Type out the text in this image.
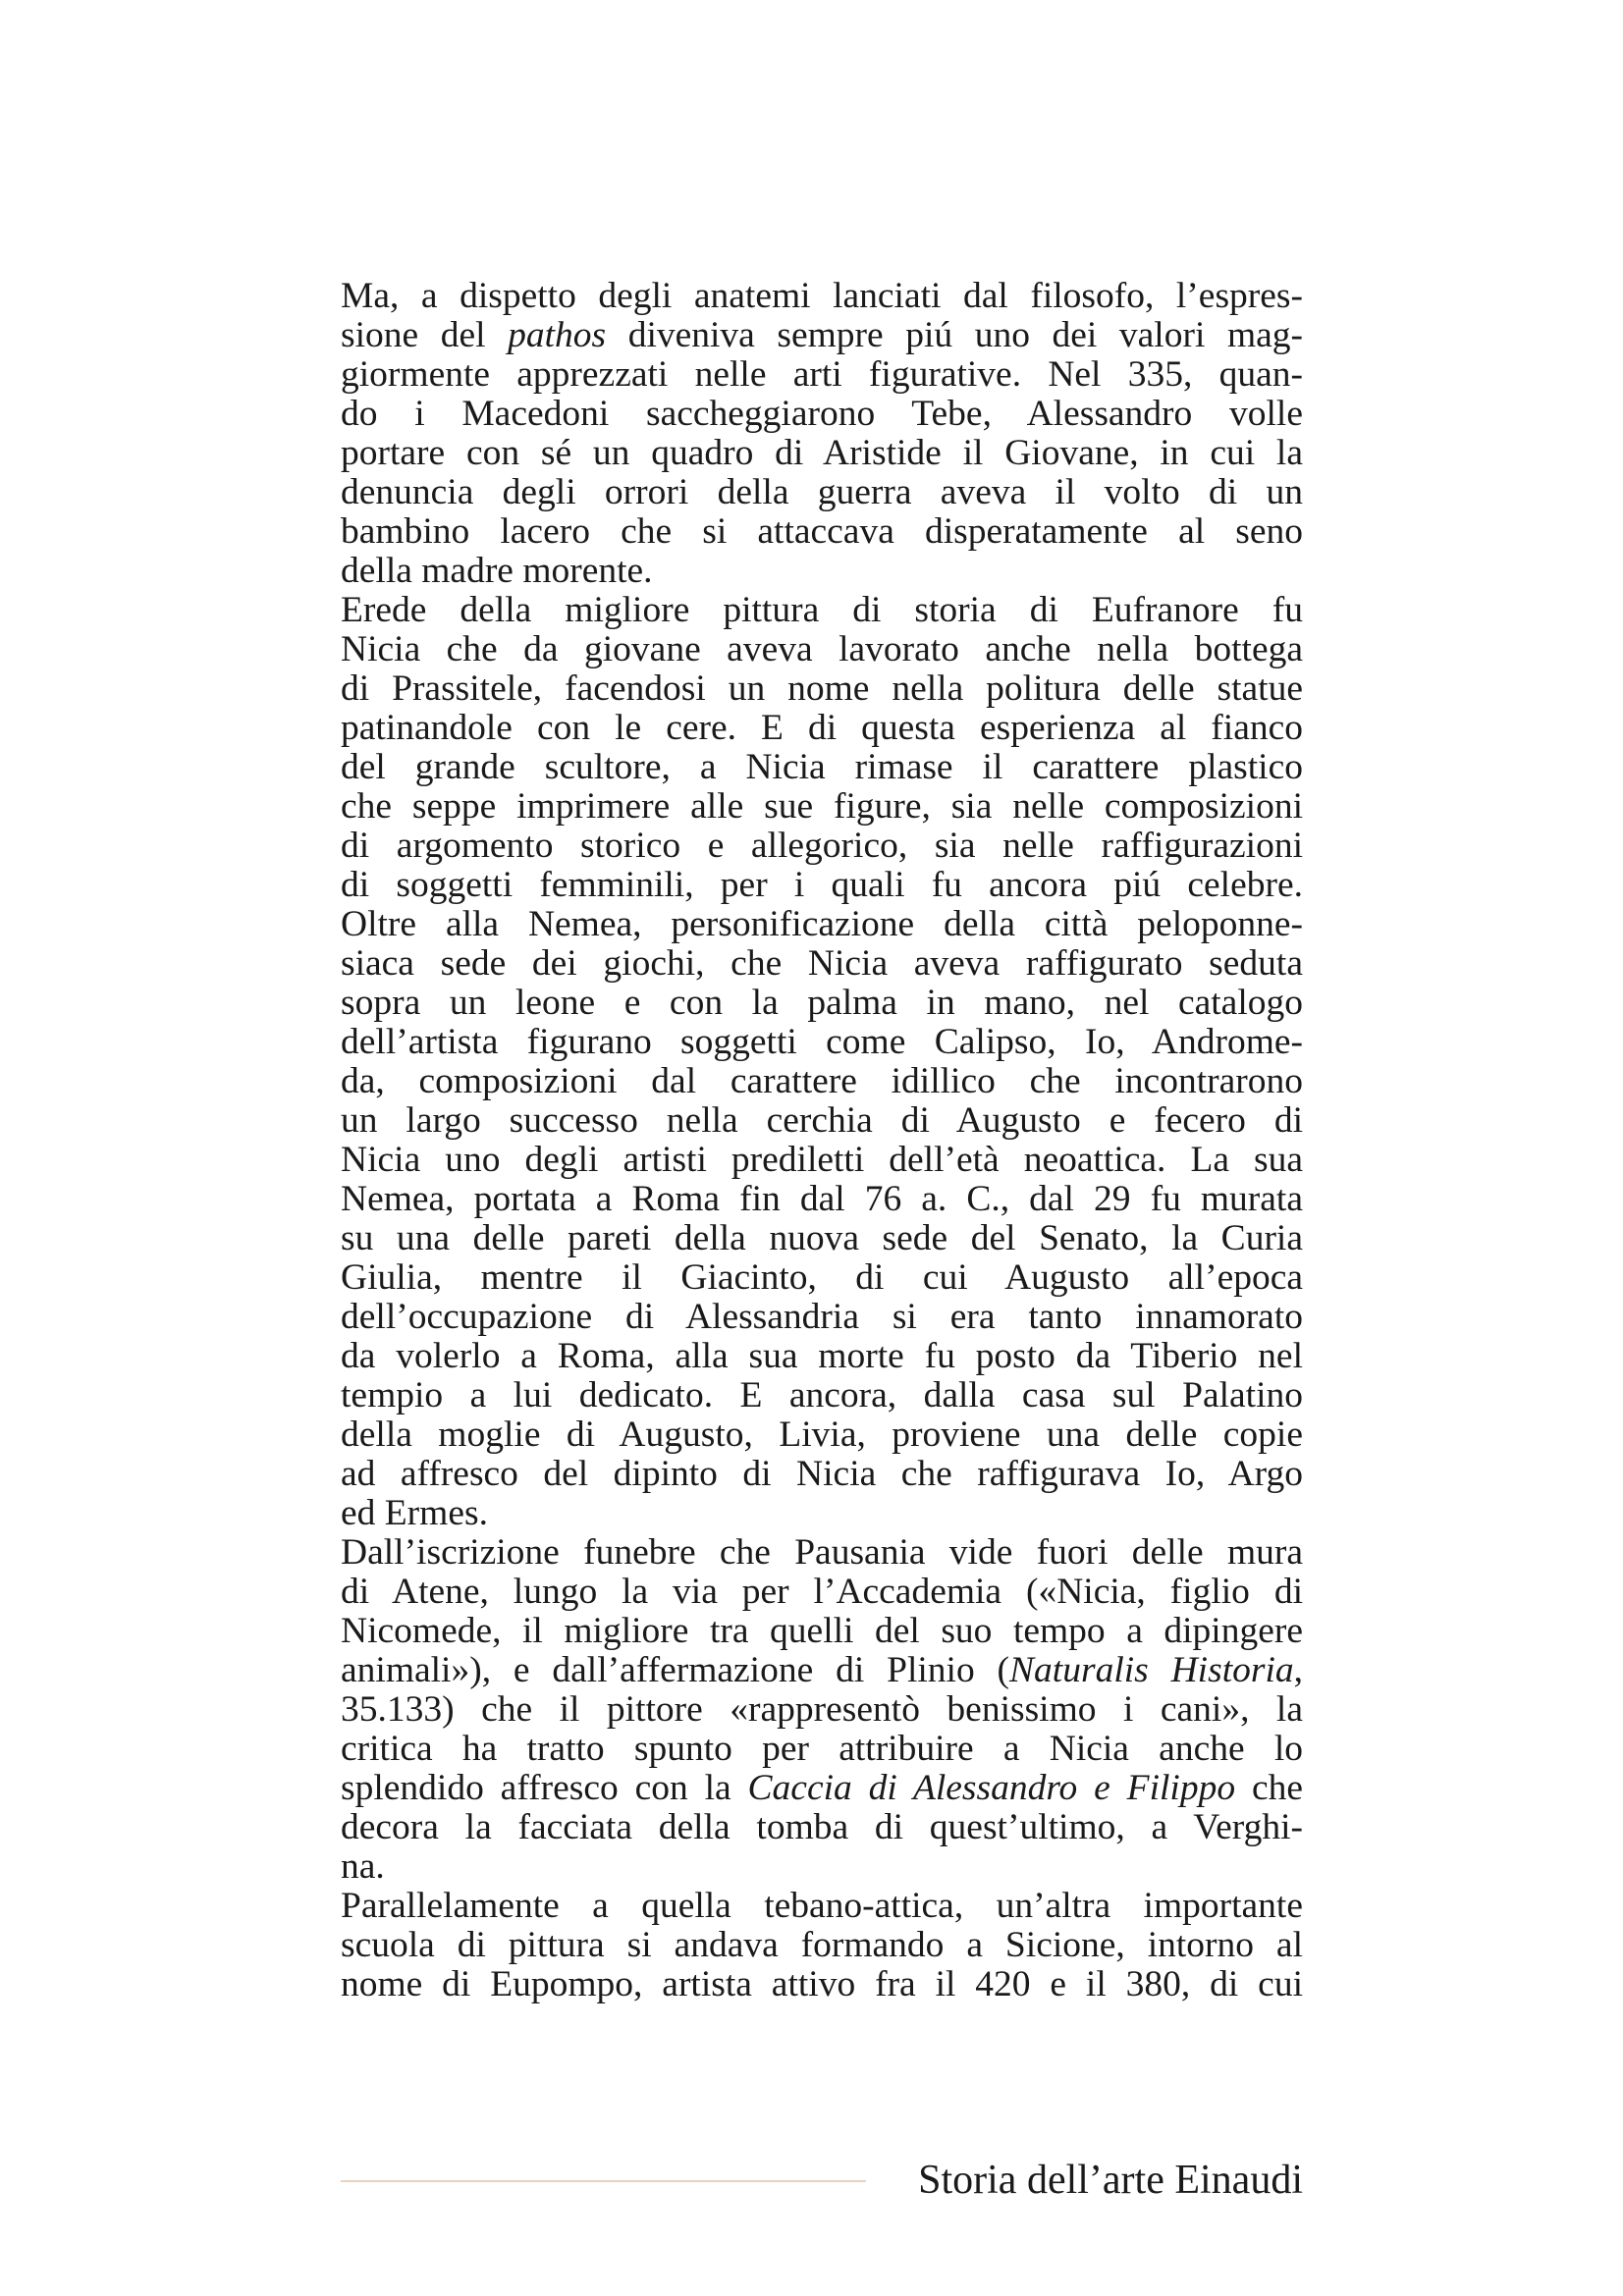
Ma, a dispetto degli anatemi lanciati dal filosofo, l’espres-
sione del pathos diveniva sempre piú uno dei valori mag-
giormente apprezzati nelle arti figurative. Nel 335, quan-
do i Macedoni saccheggiarono Tebe, Alessandro volle
portare con sé un quadro di Aristide il Giovane, in cui la
denuncia degli orrori della guerra aveva il volto di un
bambino lacero che si attaccava disperatamente al seno
della madre morente.
Erede della migliore pittura di storia di Eufranore fu
Nicia che da giovane aveva lavorato anche nella bottega
di Prassitele, facendosi un nome nella politura delle statue
patinandole con le cere. E di questa esperienza al fianco
del grande scultore, a Nicia rimase il carattere plastico
che seppe imprimere alle sue figure, sia nelle composizioni
di argomento storico e allegorico, sia nelle raffigurazioni
di soggetti femminili, per i quali fu ancora piú celebre.
Oltre alla Nemea, personificazione della città peloponne-
siaca sede dei giochi, che Nicia aveva raffigurato seduta
sopra un leone e con la palma in mano, nel catalogo
dell’artista figurano soggetti come Calipso, Io, Androme-
da, composizioni dal carattere idillico che incontrarono
un largo successo nella cerchia di Augusto e fecero di
Nicia uno degli artisti prediletti dell’età neoattica. La sua
Nemea, portata a Roma fin dal 76 a. C., dal 29 fu murata
su una delle pareti della nuova sede del Senato, la Curia
Giulia, mentre il Giacinto, di cui Augusto all’epoca
dell’occupazione di Alessandria si era tanto innamorato
da volerlo a Roma, alla sua morte fu posto da Tiberio nel
tempio a lui dedicato. E ancora, dalla casa sul Palatino
della moglie di Augusto, Livia, proviene una delle copie
ad affresco del dipinto di Nicia che raffigurava Io, Argo
ed Ermes.
Dall’iscrizione funebre che Pausania vide fuori delle mura
di Atene, lungo la via per l’Accademia («Nicia, figlio di
Nicomede, il migliore tra quelli del suo tempo a dipingere
animali»), e dall’affermazione di Plinio (Naturalis Historia,
35.133) che il pittore «rappresentò benissimo i cani», la
critica ha tratto spunto per attribuire a Nicia anche lo
splendido affresco con la Caccia di Alessandro e Filippo che
decora la facciata della tomba di quest’ultimo, a Verghi-
na.
Parallelamente a quella tebano-attica, un’altra importante
scuola di pittura si andava formando a Sicione, intorno al
nome di Eupompo, artista attivo fra il 420 e il 380, di cui
Storia dell’arte Einaudi
